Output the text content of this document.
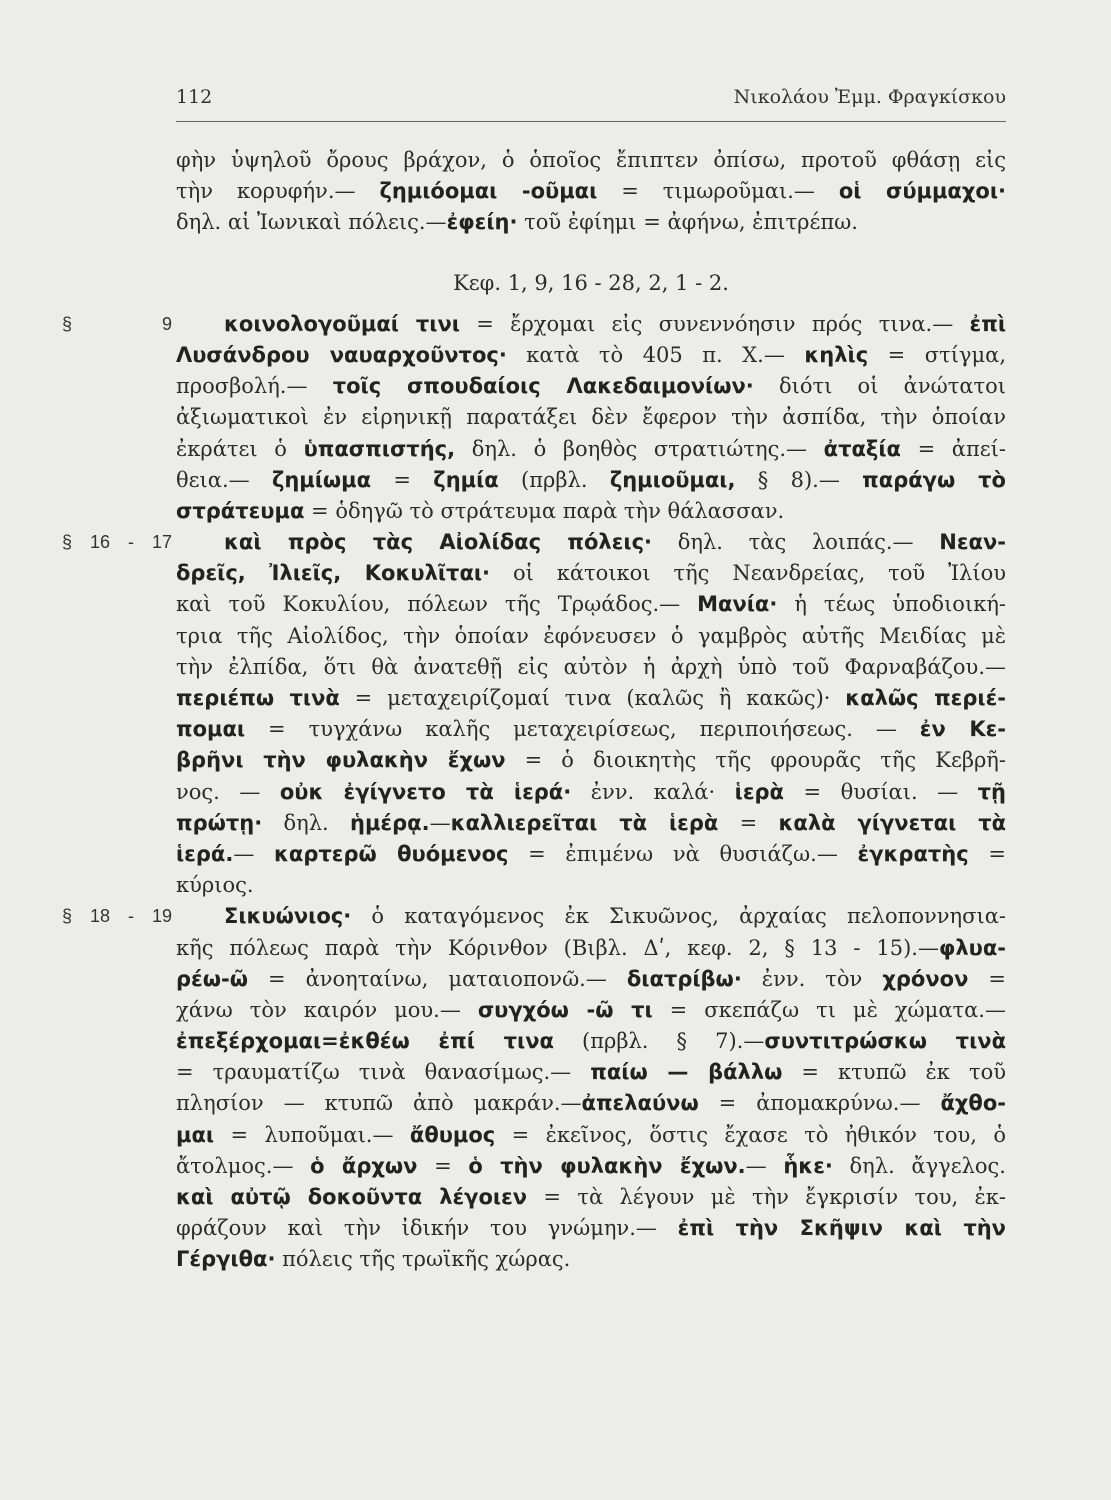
112	Νικολάου Ἐμμ. Φραγκίσκου
φὴν ὑψηλοῦ ὄρους βράχον, ὁ ὁποῖος ἔπιπτεν ὀπίσω, προτοῦ φθάσῃ εἰς
τὴν κορυφήν.— ζημιόομαι -οῦμαι = τιμωροῦμαι.— οἱ σύμμαχοι·
δηλ. αἱ Ἰωνικαὶ πόλεις.—ἐφείη· τοῦ ἐφίημι = ἀφήνω, ἐπιτρέπω.
Κεφ. 1, 9, 16 - 28, 2, 1 - 2.
κοινολογοῦμαί τινι = ἔρχομαι εἰς συνεννόησιν πρός τινα.— ἐπὶ
§ 9
Λυσάνδρου ναυαρχοῦντος· κατὰ τὸ 405 π. Χ.— κηλὶς = στίγμα,
προσβολή.— τοῖς σπουδαίοις Λακεδαιμονίων· διότι οἱ ἀνώτατοι
ἀξιωματικοὶ ἐν εἰρηνικῇ παρατάξει δὲν ἔφερον τὴν ἀσπίδα, τὴν ὁποίαν
ἐκράτει ὁ ὑπασπιστής, δηλ. ὁ βοηθὸς στρατιώτης.— ἀταξία = ἀπεί-
θεια.— ζημίωμα = ζημία (πρβλ. ζημιοῦμαι, § 8).— παράγω τὸ
στράτευμα = ὁδηγῶ τὸ στράτευμα παρὰ τὴν θάλασσαν.
καὶ πρὸς τὰς Αἰολίδας πόλεις· δηλ. τὰς λοιπάς.— Νεαν-
§ 16 - 17
δρεῖς, Ἰλιεῖς, Κοκυλῖται· οἱ κάτοικοι τῆς Νεανδρείας, τοῦ Ἰλίου
καὶ τοῦ Κοκυλίου, πόλεων τῆς Τρῳάδος.— Μανία· ἡ τέως ὑποδιοική-
τρια τῆς Αἰολίδος, τὴν ὁποίαν ἐφόνευσεν ὁ γαμβρὸς αὐτῆς Μειδίας μὲ
τὴν ἐλπίδα, ὅτι θὰ ἀνατεθῇ εἰς αὐτὸν ἡ ἀρχὴ ὑπὸ τοῦ Φαρναβάζου.—
περιέπω τινὰ = μεταχειρίζομαί τινα (καλῶς ἢ κακῶς)· καλῶς περιέ-
πομαι = τυγχάνω καλῆς μεταχειρίσεως, περιποιήσεως. — ἐν Κε-
βρῆνι τὴν φυλακὴν ἔχων = ὁ διοικητὴς τῆς φρουρᾶς τῆς Κεβρῆ-
νος. — οὐκ ἐγίγνετο τὰ ἱερά· ἐνν. καλά· ἱερὰ = θυσίαι. — τῇ
πρώτῃ· δηλ. ἡμέρᾳ.—καλλιερεῖται τὰ ἱερὰ = καλὰ γίγνεται τὰ
ἱερά.— καρτερῶ θυόμενος = ἐπιμένω νὰ θυσιάζω.— ἐγκρατὴς =
κύριος.
Σικυώνιος· ὁ καταγόμενος ἐκ Σικυῶνος, ἀρχαίας πελοποννησια-
§ 18 - 19
κῆς πόλεως παρὰ τὴν Κόρινθον (Βιβλ. Δʹ, κεφ. 2, § 13 - 15).—φλυα-
ρέω-ῶ = ἀνοηταίνω, ματαιοπονῶ.— διατρίβω· ἐνν. τὸν χρόνον =
χάνω τὸν καιρόν μου.— συγχόω -ῶ τι = σκεπάζω τι μὲ χώματα.—
ἐπεξέρχομαι=ἐκθέω ἐπί τινα (πρβλ. § 7).—συντιτρώσκω τινὰ
= τραυματίζω τινὰ θανασίμως.— παίω — βάλλω = κτυπῶ ἐκ τοῦ
πλησίον — κτυπῶ ἀπὸ μακράν.—ἀπελαύνω = ἀπομακρύνω.— ἄχθο-
μαι = λυποῦμαι.— ἄθυμος = ἐκεῖνος, ὅστις ἔχασε τὸ ἠθικόν του, ὁ
ἄτολμος.— ὁ ἄρχων = ὁ τὴν φυλακὴν ἔχων.— ἧκε· δηλ. ἄγγελος.
καὶ αὐτῷ δοκοῦντα λέγοιεν = τὰ λέγουν μὲ τὴν ἔγκρισίν του, ἐκ-
φράζουν καὶ τὴν ἰδικήν του γνώμην.— ἐπὶ τὴν Σκῆψιν καὶ τὴν
Γέργιθα· πόλεις τῆς τρωϊκῆς χώρας.
